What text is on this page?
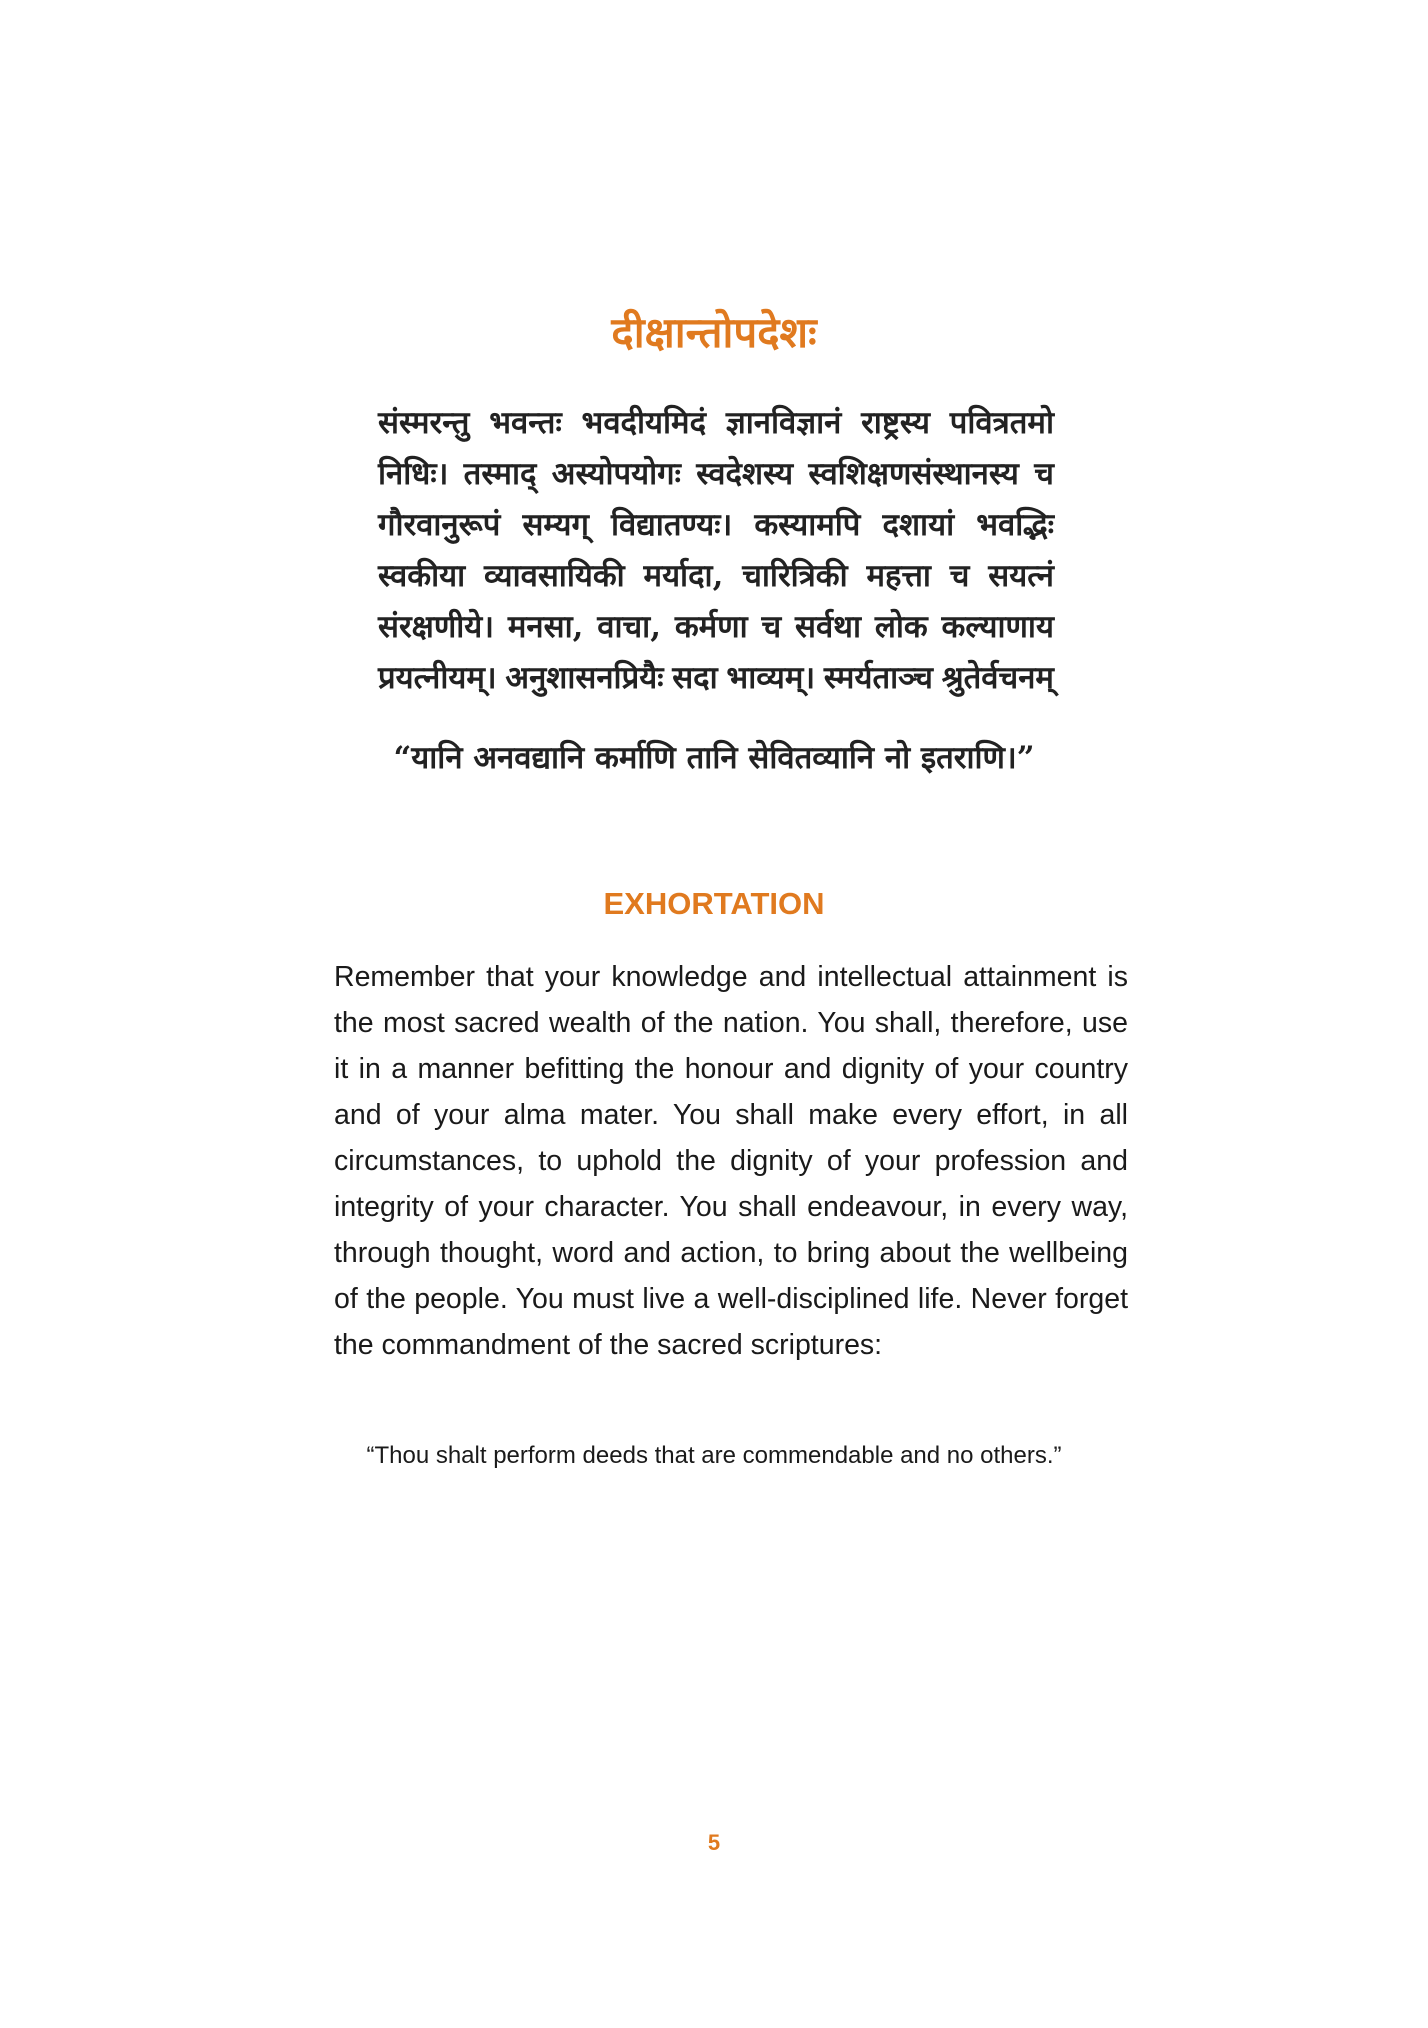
दीक्षान्तोपदेशः
संस्मरन्तु भवन्तः भवदीयमिदं ज्ञानविज्ञानं राष्ट्रस्य पवित्रतमो
निधिः। तस्माद् अस्योपयोगः स्वदेशस्य स्वशिक्षणसंस्थानस्य च
गौरवानुरूपं सम्यग् विद्यातण्यः। कस्यामपि दशायां भवद्भिः
स्वकीया व्यावसायिकी मर्यादा, चारित्रिकी महत्ता च सयत्नं
संरक्षणीये। मनसा, वाचा, कर्मणा च सर्वथा लोक कल्याणाय
प्रयत्नीयम्। अनुशासनप्रियैः सदा भाव्यम्। स्मर्यताञ्च श्रुतेर्वचनम्
“यानि अनवद्यानि कर्माणि तानि सेवितव्यानि नो इतराणि।”
EXHORTATION
Remember that your knowledge and intellectual attainment is the most sacred wealth of the nation. You shall, therefore, use it in a manner befitting the honour and dignity of your country and of your alma mater. You shall make every effort, in all circumstances, to uphold the dignity of your profession and integrity of your character. You shall endeavour, in every way, through thought, word and action, to bring about the wellbeing of the people. You must live a well-disciplined life. Never forget the commandment of the sacred scriptures:
“Thou shalt perform deeds that are commendable and no others.”
5
